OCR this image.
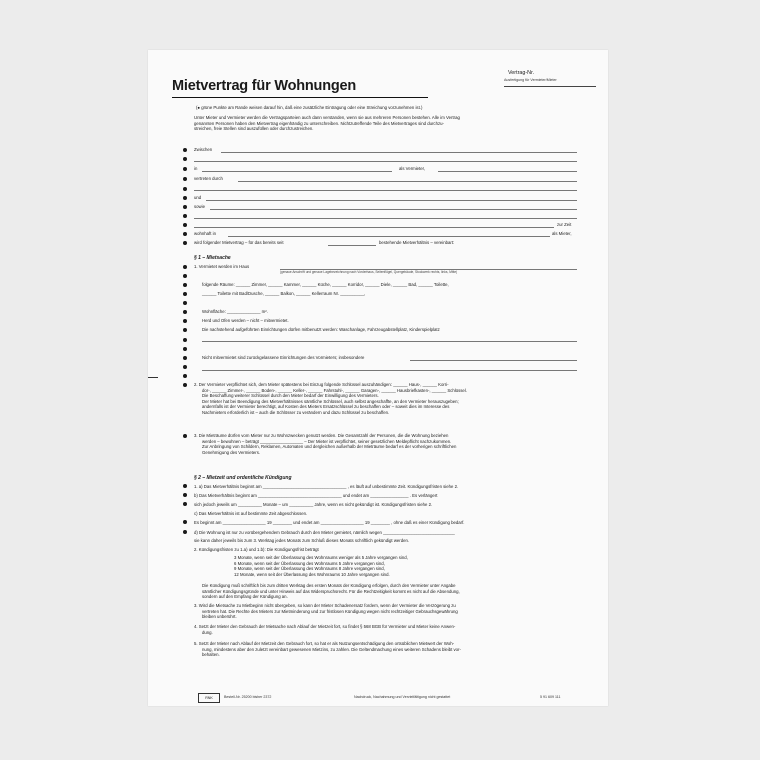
Mietvertrag für Wohnungen
Vertrag-Nr.
Ausfertigung für Vermieter/Mieter
(● grüne Punkte am Rande weisen darauf hin, daß eine zusätzliche Eintragung oder eine Streichung vorzunehmen ist.)
Unter Mieter und Vermieter werden die Vertragsparteien auch dann verstanden, wenn sie aus mehreren Personen bestehen. Alle im Vertrag
genannten Personen haben den Mietvertrag eigenhändig zu unterschreiben. Nichtzutreffende Teile des Mietvertrages sind durchzu-
streichen, freie Stellen sind auszufüllen oder durchzustreichen.
Zwischen
in	als Vermieter,
vertreten durch
und
sowie
zur Zeit
wohnhaft in	als Mieter,
wird folgender Mietvertrag – für das bereits seit	bestehende Mietverhältnis – vereinbart:
§ 1 – Mietsache
1. Vermietet werden im Haus
(genaue Anschrift und genaue Lagebezeichnung nach Vorderhaus, Seitenflügel, Quergebäude, Stockwerk rechts, links, Mitte)
folgende Räume: ______ Zimmer, ______ Kammer, ______ Küche, ______ Korridor, ______ Diele, ______ Bad, ______ Toilette,
______ Toilette mit Bad/Dusche, ______ Balkon, ______ Kellerraum Nr. __________,
Wohnfläche: ______________ m².
Herd und Ofen werden – nicht – mitvermietet.
Die nachstehend aufgeführten Einrichtungen dürfen mitbenutzt werden: Waschanlage, Fahrzeugabstellplatz, Kinderspielplatz
Nicht mitvermietet sind zurückgelassene Einrichtungen des Vormieters; insbesondere
2. Der Vermieter verpflichtet sich, dem Mieter spätestens bei Einzug folgende Schlüssel auszuhändigen: ______ Haus-, ______ Korri-
dor-, ______ Zimmer-, ______ Boden-, ______ Keller-, ______ Fahrstuhl-, ______ Garagen-, ______ Hausbriefkasten-, ______ Schlüssel.
Die Beschaffung weiterer Schlüssel durch den Mieter bedarf der Einwilligung des Vermieters.
Der Mieter hat bei Beendigung des Mietverhältnisses sämtliche Schlüssel, auch selbst angeschaffte, an den Vermieter herauszugeben;
andernfalls ist der Vermieter berechtigt, auf Kosten des Mieters Ersatzschlüssel zu beschaffen oder – soweit dies im Interesse des
Nachmieters erforderlich ist – auch die Schlösser zu verändern und dazu Schlüssel zu beschaffen.
3. Die Mieträume dürfen vom Mieter nur zu Wohnzwecken genutzt werden. Die Gesamtzahl der Personen, die die Wohnung beziehen
werden – bewohnen – beträgt __________________ – Der Mieter ist verpflichtet, seiner gesetzlichen Meldepflicht nachzukommen.
Zur Anbringung von Schildern, Reklamen, Automaten und dergleichen außerhalb der Mieträume bedarf es der vorherigen schriftlichen
Genehmigung des Vermieters.
§ 2 – Mietzeit und ordentliche Kündigung
1. a) Das Mietverhältnis beginnt am ___________________________________ , es läuft auf unbestimmte Zeit. Kündigungsfristen siehe 2.
b) Das Mietverhältnis beginnt am ___________________________________ und endet am ________________ . Es verlängert
sich jedoch jeweils um __________ Monate – um __________ Jahre, wenn es nicht gekündigt ist. Kündigungsfristen siehe 2.
c) Das Mietverhältnis ist auf bestimmte Zeit abgeschlossen.
Es beginnt am __________________ 19 ________ und endet am __________________ 19 ________ , ohne daß es einer Kündigung bedarf.
d) Die Wohnung ist nur zu vorübergehendem Gebrauch durch den Mieter gemietet, nämlich wegen ______________________________
sie kann daher jeweils bis zum 3. Werktag jedes Monats zum Schluß dieses Monats schriftlich gekündigt werden.
2. Kündigungsfristen zu 1.a) und 1.b): Die Kündigungsfrist beträgt
3 Monate, wenn seit der Überlassung des Wohnraums weniger als 5 Jahre vergangen sind,
6 Monate, wenn seit der Überlassung des Wohnraums 5 Jahre vergangen sind,
9 Monate, wenn seit der Überlassung des Wohnraums 8 Jahre vergangen sind,
12 Monate, wenn seit der Überlassung des Wohnraums 10 Jahre vergangen sind.
Die Kündigung muß schriftlich bis zum dritten Werktag des ersten Monats der Kündigung erfolgen, durch den Vermieter unter Angabe
sämtlicher Kündigungsgründe und unter Hinweis auf das Widerspruchsrecht. Für die Rechtzeitigkeit kommt es nicht auf die Absendung,
sondern auf den Empfang der Kündigung an.
3. Wird die Mietsache zu Mietbeginn nicht übergeben, so kann der Mieter Schadenersatz fordern, wenn der Vermieter die Verzögerung zu
vertreten hat. Die Rechte des Mieters zur Mietminderung und zur fristlosen Kündigung wegen nicht rechtzeitiger Gebrauchsgewährung
bleiben unberührt.
4. Setzt der Mieter den Gebrauch der Mietsache nach Ablauf der Mietzeit fort, so findet § 568 BGB für Vermieter und Mieter keine Anwen-
dung.
5. Setzt der Mieter nach Ablauf der Mietzeit den Gebrauch fort, so hat er als Nutzungsentschädigung den ortsüblichen Mietwert der Woh-
nung, mindestens aber den zuletzt vereinbart gewesenen Mietzins, zu zahlen. Die Geltendmachung eines weiteren Schadens bleibt vor-
behalten.
RNK	Bestell-Nr. 25200 bisher 2372	Nachdruck, Nachahmung und Vervielfältigung nicht gestattet	5 91 609 111
